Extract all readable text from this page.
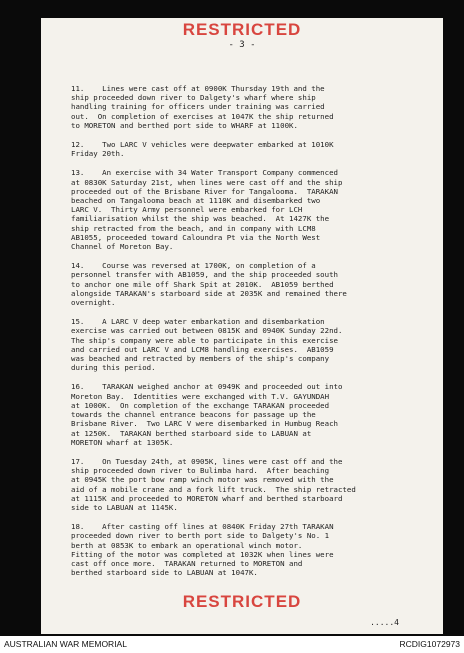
RESTRICTED
- 3 -

11.    Lines were cast off at 0900K Thursday 19th and the
ship proceeded down river to Dalgety's wharf where ship
handling training for officers under training was carried
out.  On completion of exercises at 1047K the ship returned
to MORETON and berthed port side to WHARF at 1100K.

12.    Two LARC V vehicles were deepwater embarked at 1010K
Friday 20th.

13.    An exercise with 34 Water Transport Company commenced
at 0830K Saturday 21st, when lines were cast off and the ship
proceeded out of the Brisbane River for Tangalooma.  TARAKAN
beached on Tangalooma beach at 1110K and disembarked two
LARC V.  Thirty Army personnel were embarked for LCH
familiarisation whilst the ship was beached.  At 1427K the
ship retracted from the beach, and in company with LCM8
AB1055, proceeded toward Caloundra Pt via the North West
Channel of Moreton Bay.

14.    Course was reversed at 1700K, on completion of a
personnel transfer with AB1059, and the ship proceeded south
to anchor one mile off Shark Spit at 2010K.  AB1059 berthed
alongside TARAKAN's starboard side at 2035K and remained there
overnight.

15.    A LARC V deep water embarkation and disembarkation
exercise was carried out between 0815K and 0940K Sunday 22nd.
The ship's company were able to participate in this exercise
and carried out LARC V and LCM8 handling exercises.  AB1059
was beached and retracted by members of the ship's company
during this period.

16.    TARAKAN weighed anchor at 0949K and proceeded out into
Moreton Bay.  Identities were exchanged with T.V. GAYUNDAH
at 1000K.  On completion of the exchange TARAKAN proceeded
towards the channel entrance beacons for passage up the
Brisbane River.  Two LARC V were disembarked in Humbug Reach
at 1250K.  TARAKAN berthed starboard side to LABUAN at
MORETON wharf at 1305K.

17.    On Tuesday 24th, at 0905K, lines were cast off and the
ship proceeded down river to Bulimba hard.  After beaching
at 0945K the port bow ramp winch motor was removed with the
aid of a mobile crane and a fork lift truck.  The ship retracted
at 1115K and proceeded to MORETON wharf and berthed starboard
side to LABUAN at 1145K.

18.    After casting off lines at 0840K Friday 27th TARAKAN
proceeded down river to berth port side to Dalgety's No. 1
berth at 0853K to embark an operational winch motor.
Fitting of the motor was completed at 1032K when lines were
cast off once more.  TARAKAN returned to MORETON and
berthed starboard side to LABUAN at 1047K.

RESTRICTED
.....4
AUSTRALIAN WAR MEMORIAL	RCDIG1072973
